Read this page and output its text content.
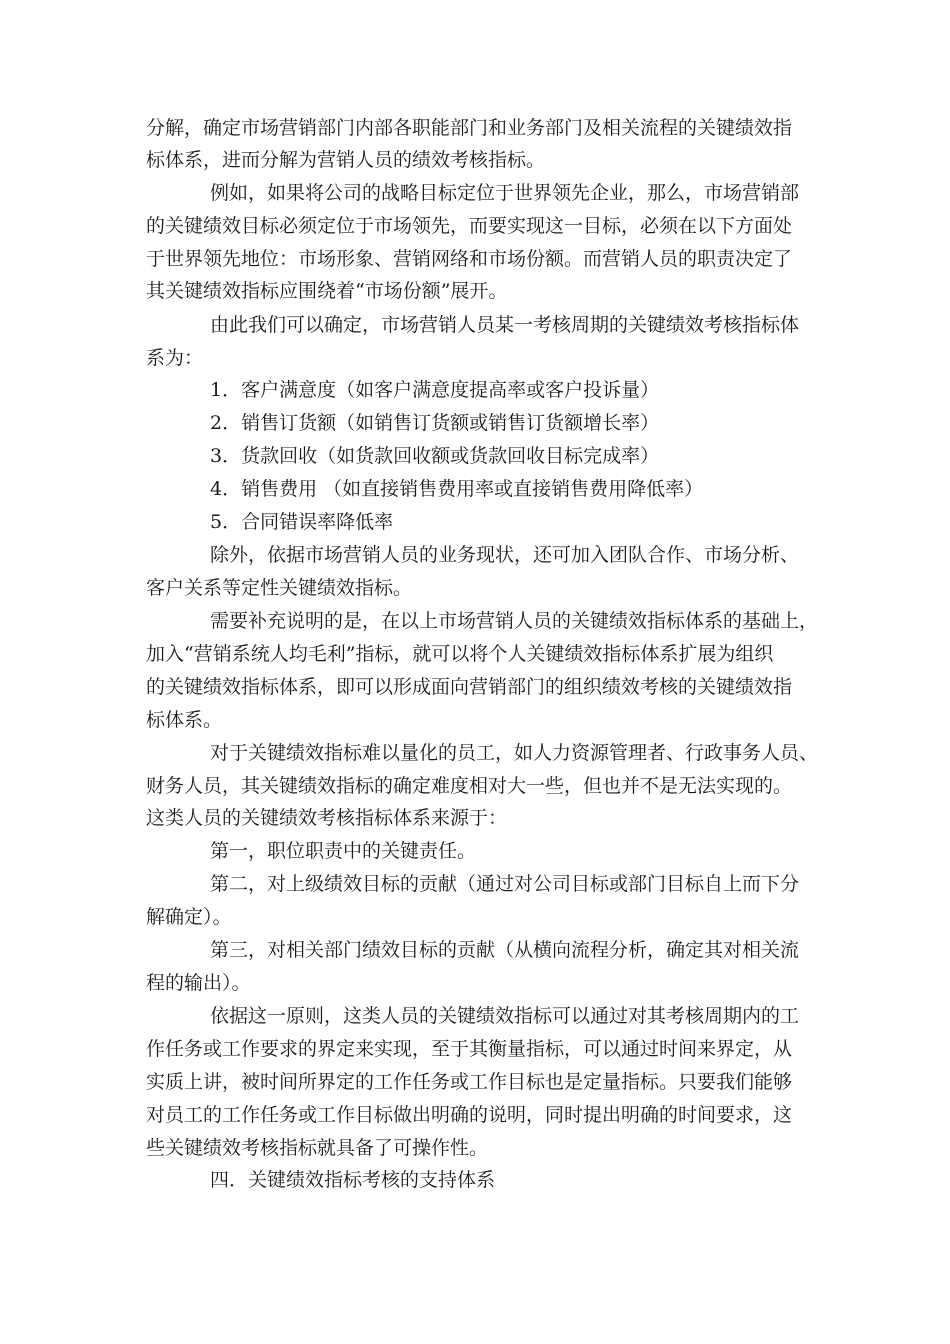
分解，确定市场营销部门内部各职能部门和业务部门及相关流程的关键绩效指
标体系，进而分解为营销人员的绩效考核指标。
例如，如果将公司的战略目标定位于世界领先企业，那么，市场营销部
的关键绩效目标必须定位于市场领先，而要实现这一目标，必须在以下方面处
于世界领先地位：市场形象、营销网络和市场份额。而营销人员的职责决定了
其关键绩效指标应围绕着“市场份额”展开。
由此我们可以确定，市场营销人员某一考核周期的关键绩效考核指标体
系为：
1．客户满意度（如客户满意度提高率或客户投诉量）
2．销售订货额（如销售订货额或销售订货额增长率）
3．货款回收（如货款回收额或货款回收目标完成率）
4．销售费用 （如直接销售费用率或直接销售费用降低率）
5．合同错误率降低率
除外，依据市场营销人员的业务现状，还可加入团队合作、市场分析、
客户关系等定性关键绩效指标。
需要补充说明的是，在以上市场营销人员的关键绩效指标体系的基础上，
加入“营销系统人均毛利”指标，就可以将个人关键绩效指标体系扩展为组织
的关键绩效指标体系，即可以形成面向营销部门的组织绩效考核的关键绩效指
标体系。
对于关键绩效指标难以量化的员工，如人力资源管理者、行政事务人员、
财务人员，其关键绩效指标的确定难度相对大一些，但也并不是无法实现的。
这类人员的关键绩效考核指标体系来源于：
第一，职位职责中的关键责任。
第二，对上级绩效目标的贡献（通过对公司目标或部门目标自上而下分
解确定）。
第三，对相关部门绩效目标的贡献（从横向流程分析，确定其对相关流
程的输出）。
依据这一原则，这类人员的关键绩效指标可以通过对其考核周期内的工
作任务或工作要求的界定来实现，至于其衡量指标，可以通过时间来界定，从
实质上讲，被时间所界定的工作任务或工作目标也是定量指标。只要我们能够
对员工的工作任务或工作目标做出明确的说明，同时提出明确的时间要求，这
些关键绩效考核指标就具备了可操作性。
四．关键绩效指标考核的支持体系
